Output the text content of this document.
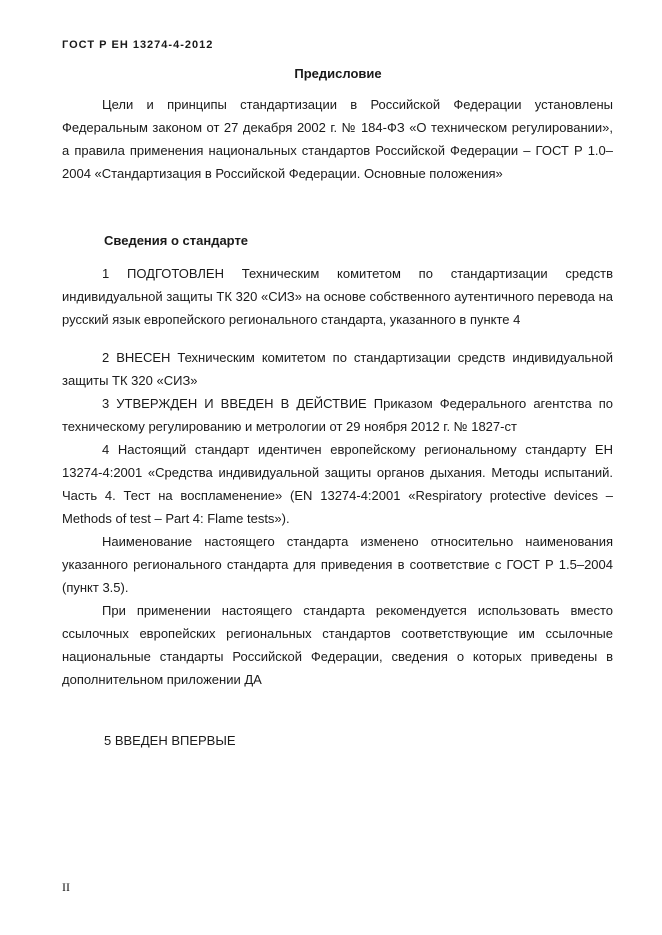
ГОСТ Р ЕН 13274-4-2012
Предисловие

Цели и принципы стандартизации в Российской Федерации установлены Федеральным законом от 27 декабря 2002 г. № 184-ФЗ «О техническом регулировании», а правила применения национальных стандартов Российской Федерации – ГОСТ Р 1.0–2004 «Стандартизация в Российской Федерации. Основные положения»

Сведения о стандарте

1 ПОДГОТОВЛЕН Техническим комитетом по стандартизации средств индивидуальной защиты ТК 320 «СИЗ» на основе собственного аутентичного перевода на русский язык европейского регионального стандарта, указанного в пункте 4

2 ВНЕСЕН Техническим комитетом по стандартизации средств индивидуальной защиты ТК 320 «СИЗ»

3 УТВЕРЖДЕН И ВВЕДЕН В ДЕЙСТВИЕ Приказом Федерального агентства по техническому регулированию и метрологии от 29 ноября 2012 г. № 1827-ст

4 Настоящий стандарт идентичен европейскому региональному стандарту ЕН 13274-4:2001 «Средства индивидуальной защиты органов дыхания. Методы испытаний. Часть 4. Тест на воспламенение» (EN 13274-4:2001 «Respiratory protective devices – Methods of test – Part 4: Flame tests»).

Наименование настоящего стандарта изменено относительно наименования указанного регионального стандарта для приведения в соответствие с ГОСТ Р 1.5–2004 (пункт 3.5).

При применении настоящего стандарта рекомендуется использовать вместо ссылочных европейских региональных стандартов соответствующие им ссылочные национальные стандарты Российской Федерации, сведения о которых приведены в дополнительном приложении ДА

5 ВВЕДЕН ВПЕРВЫЕ
II
